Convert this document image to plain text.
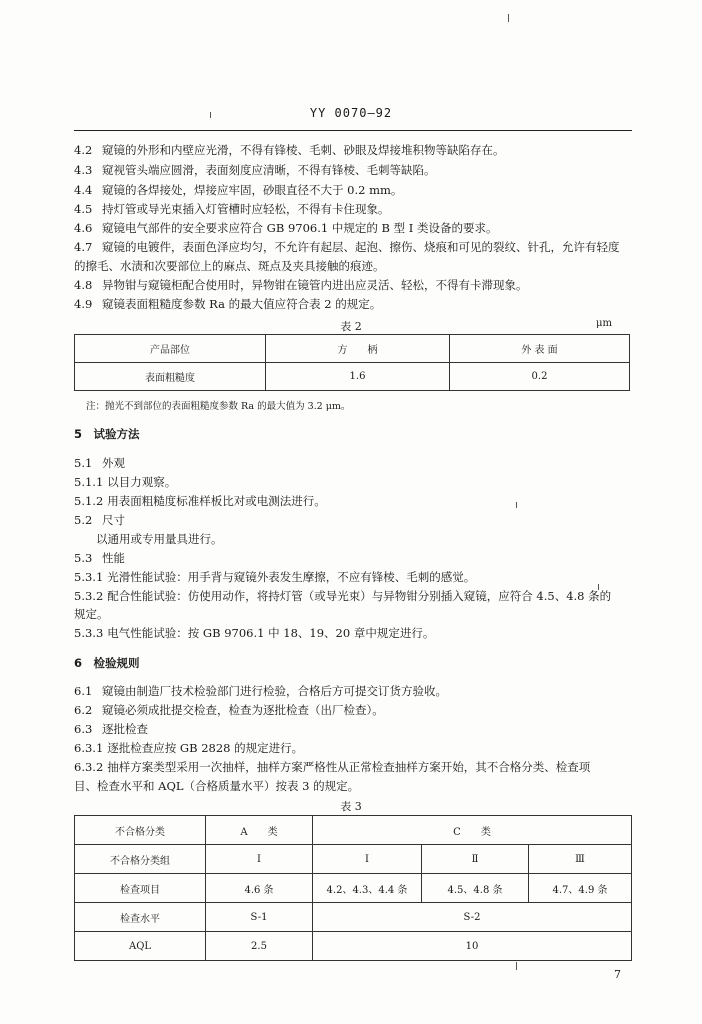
YY 0070—92
4.2 窥镜的外形和内壁应光滑，不得有锋棱、毛刺、砂眼及焊接堆积物等缺陷存在。
4.3 窥视管头端应圆滑，表面刻度应清晰，不得有锋棱、毛刺等缺陷。
4.4 窥镜的各焊接处，焊接应牢固，砂眼直径不大于 0.2 mm。
4.5 持灯管或导光束插入灯管槽时应轻松，不得有卡住现象。
4.6 窥镜电气部件的安全要求应符合 GB 9706.1 中规定的 B 型 I 类设备的要求。
4.7 窥镜的电镀件，表面色泽应均匀，不允许有起层、起泡、擦伤、烧痕和可见的裂纹、针孔，允许有轻度
的擦毛、水渍和次要部位上的麻点、斑点及夹具接触的痕迹。
4.8 异物钳与窥镜柜配合使用时，异物钳在镜管内进出应灵活、轻松，不得有卡滞现象。
4.9 窥镜表面粗糙度参数 Ra 的最大值应符合表 2 的规定。
表 2	μm
产品部位	方　　柄	外 表 面
表面粗糙度	1.6	0.2
注：抛光不到部位的表面粗糙度参数 Ra 的最大值为 3.2 μm。
5　试验方法
5.1 外观
5.1.1 以目力观察。
5.1.2 用表面粗糙度标准样板比对或电测法进行。
5.2 尺寸
以通用或专用量具进行。
5.3 性能
5.3.1 光滑性能试验：用手背与窥镜外表发生摩擦，不应有锋棱、毛刺的感觉。
5.3.2 配合性能试验：仿使用动作，将持灯管（或导光束）与异物钳分别插入窥镜，应符合 4.5、4.8 条的
规定。
5.3.3 电气性能试验：按 GB 9706.1 中 18、19、20 章中规定进行。
6　检验规则
6.1 窥镜由制造厂技术检验部门进行检验，合格后方可提交订货方验收。
6.2 窥镜必须成批提交检查，检查为逐批检查（出厂检查）。
6.3 逐批检查
6.3.1 逐批检查应按 GB 2828 的规定进行。
6.3.2 抽样方案类型采用一次抽样，抽样方案严格性从正常检查抽样方案开始，其不合格分类、检查项
目、检查水平和 AQL（合格质量水平）按表 3 的规定。
表 3
不合格分类	A　　类	C　　类		
不合格分类组	I	I	Ⅱ	Ⅲ
检查项目	4.6 条	4.2、4.3、4.4 条	4.5、4.8 条	4.7、4.9 条
检查水平	S-1	S-2		
AQL	2.5	10		
7
